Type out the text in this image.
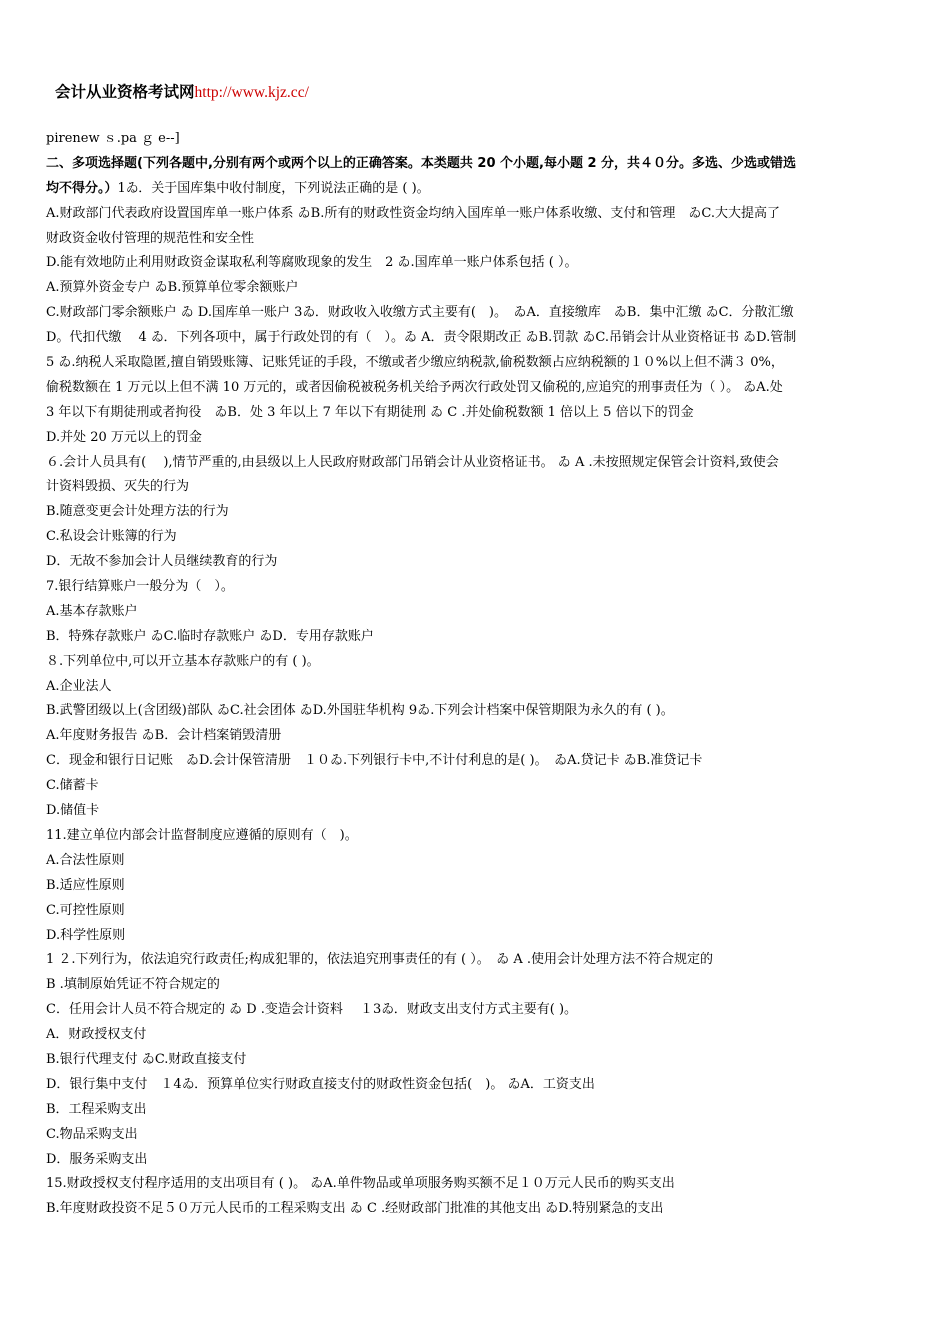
会计从业资格考试网http://www.kjz.cc/
pirenew ｓ.pa ｇ e--]
二、多项选择题(下列各题中,分别有两个或两个以上的正确答案。本类题共 20 个小题,每小题 2 分，共４０分。多选、少选或错选
均不得分。）1ゐ．关于国库集中收付制度，下列说法正确的是 ( )。
A.财政部门代表政府设置国库单一账户体系 ゐB.所有的财政性资金均纳入国库单一账户体系收缴、支付和管理　ゐC.大大提高了
财政资金收付管理的规范性和安全性
D.能有效地防止利用财政资金谋取私利等腐败现象的发生　2 ゐ.国库单一账户体系包括 ( ）。
A.预算外资金专户 ゐB.预算单位零余额账户
C.财政部门零余额账户 ゐ D.国库单一账户 3ゐ．财政收入收缴方式主要有(　)。　ゐA．直接缴库　ゐB．集中汇缴 ゐC．分散汇缴
D。代扣代缴　 4 ゐ．下列各项中，属于行政处罚的有（　）。ゐ A．责令限期改正 ゐB.罚款 ゐC.吊销会计从业资格证书 ゐD.管制
5 ゐ.纳税人采取隐匿,擅自销毁账簿、记账凭证的手段，不缴或者少缴应纳税款,偷税数额占应纳税额的１０%以上但不满３ 0%，
偷税数额在 1 万元以上但不满 10 万元的，或者因偷税被税务机关给予两次行政处罚又偷税的,应追究的刑事责任为（ ）。 ゐA.处
3 年以下有期徒刑或者拘役　ゐB．处 3 年以上 7 年以下有期徒刑 ゐ C .并处偷税数额 1 倍以上 5 倍以下的罚金
D.并处 20 万元以上的罚金
６.会计人员具有(　 ),情节严重的,由县级以上人民政府财政部门吊销会计从业资格证书。 ゐ A .未按照规定保管会计资料,致使会
计资料毁损、灭失的行为
B.随意变更会计处理方法的行为
C.私设会计账簿的行为
D．无故不参加会计人员继续教育的行为
7.银行结算账户一般分为（　）。
A.基本存款账户
B．特殊存款账户 ゐC.临时存款账户 ゐD．专用存款账户
８.下列单位中,可以开立基本存款账户的有 ( )。
A.企业法人
B.武警团级以上(含团级)部队 ゐC.社会团体 ゐD.外国驻华机构 9ゐ.下列会计档案中保管期限为永久的有 ( )。
A.年度财务报告 ゐB．会计档案销毁清册
C．现金和银行日记账　ゐD.会计保管清册　１０ゐ.下列银行卡中,不计付利息的是( )。　ゐA.贷记卡 ゐB.准贷记卡
C.储蓄卡
D.储值卡
11.建立单位内部会计监督制度应遵循的原则有（　)。
A.合法性原则
B.适应性原则
C.可控性原则
D.科学性原则
1 ２.下列行为，依法追究行政责任;构成犯罪的，依法追究刑事责任的有 ( ）。　ゐ A .使用会计处理方法不符合规定的
B .填制原始凭证不符合规定的
C．任用会计人员不符合规定的 ゐ D .变造会计资料　 １3ゐ．财政支出支付方式主要有( )。
A．财政授权支付
B.银行代理支付 ゐC.财政直接支付
D．银行集中支付　１4ゐ．预算单位实行财政直接支付的财政性资金包括(　)。 ゐA．工资支出
B．工程采购支出
C.物品采购支出
D．服务采购支出
15.财政授权支付程序适用的支出项目有 ( )。 ゐA.单件物品或单项服务购买额不足１０万元人民币的购买支出
B.年度财政投资不足５０万元人民币的工程采购支出 ゐ C .经财政部门批准的其他支出 ゐD.特别紧急的支出
